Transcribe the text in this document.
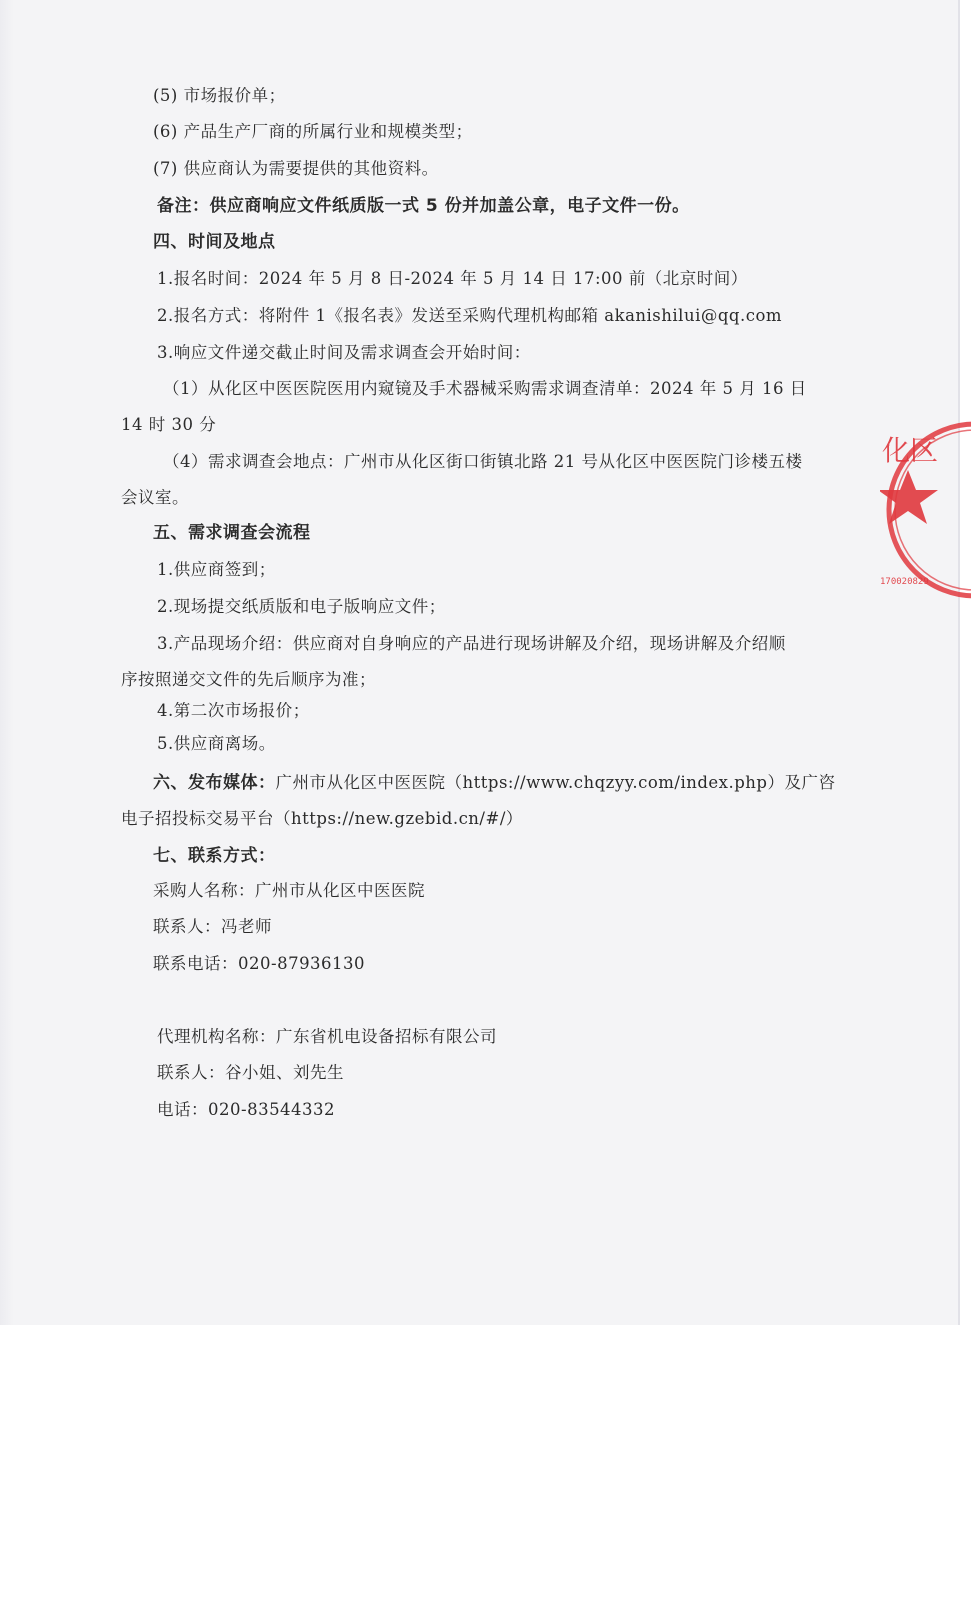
(5) 市场报价单；
(6) 产品生产厂商的所属行业和规模类型；
(7) 供应商认为需要提供的其他资料。
备注：供应商响应文件纸质版一式 5 份并加盖公章，电子文件一份。
四、时间及地点
1.报名时间：2024 年 5 月 8 日-2024 年 5 月 14 日 17:00 前（北京时间）
2.报名方式：将附件 1《报名表》发送至采购代理机构邮箱 akanishilui@qq.com
3.响应文件递交截止时间及需求调查会开始时间：
（1）从化区中医医院医用内窥镜及手术器械采购需求调查清单：2024 年 5 月 16 日
14 时 30 分
（4）需求调查会地点：广州市从化区街口街镇北路 21 号从化区中医医院门诊楼五楼
会议室。
五、需求调查会流程
1.供应商签到；
2.现场提交纸质版和电子版响应文件；
3.产品现场介绍：供应商对自身响应的产品进行现场讲解及介绍，现场讲解及介绍顺
序按照递交文件的先后顺序为准；
4.第二次市场报价；
5.供应商离场。
六、发布媒体：广州市从化区中医医院（https://www.chqzyy.com/index.php）及广咨
电子招投标交易平台（https://new.gzebid.cn/#/）
七、联系方式：
采购人名称：广州市从化区中医医院
联系人：冯老师
联系电话：020-87936130
代理机构名称：广东省机电设备招标有限公司
联系人：谷小姐、刘先生
电话：020-83544332
化区
170020829
